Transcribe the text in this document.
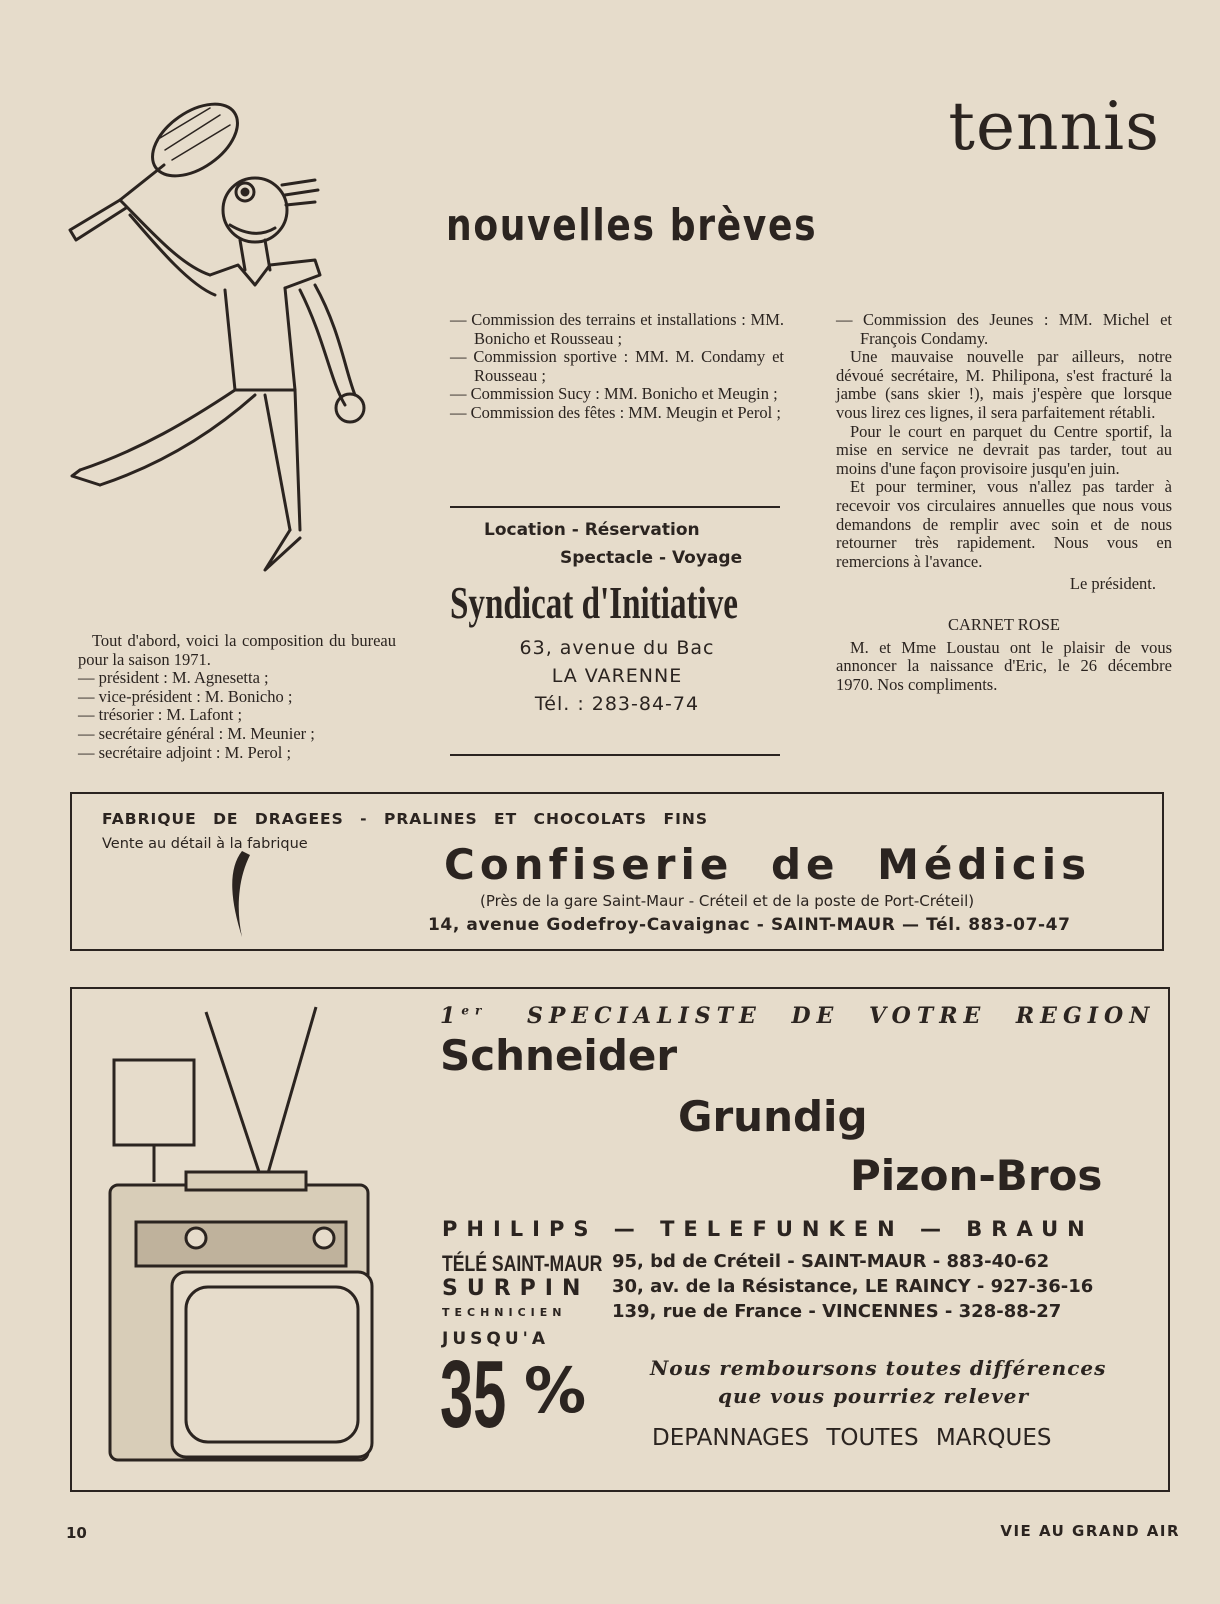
tennis
nouvelles brèves

Tout d'abord, voici la composition du bureau pour la saison 1971.

— président : M. Agnesetta ;

— vice-président : M. Bonicho ;

— trésorier : M. Lafont ;

— secrétaire général : M. Meunier ;

— secrétaire adjoint : M. Perol ;

— Commission des terrains et installations : MM. Bonicho et Rousseau ;

— Commission sportive : MM. M. Condamy et Rousseau ;

— Commission Sucy : MM. Bonicho et Meugin ;

— Commission des fêtes : MM. Meugin et Perol ;

Location - Réservation
Spectacle - Voyage
Syndicat d'Initiative
63, avenue du Bac
LA VARENNE
Tél. : 283-84-74

— Commission des Jeunes : MM. Michel et François Condamy.

Une mauvaise nouvelle par ailleurs, notre dévoué secrétaire, M. Philipona, s'est fracturé la jambe (sans skier !), mais j'espère que lorsque vous lirez ces lignes, il sera parfaitement rétabli.

Pour le court en parquet du Centre sportif, la mise en service ne devrait pas tarder, tout au moins d'une façon provisoire jusqu'en juin.

Et pour terminer, vous n'allez pas tarder à recevoir vos circulaires annuelles que nous vous demandons de remplir avec soin et de nous retourner très rapidement. Nous vous en remercions à l'avance.

Le président.

CARNET ROSE

M. et Mme Loustau ont le plaisir de vous annoncer la naissance d'Eric, le 26 décembre 1970. Nos compliments.

FABRIQUE DE DRAGEES - PRALINES ET CHOCOLATS FINS
Vente au détail à la fabrique	Confiserie de Médicis
(Près de la gare Saint-Maur - Créteil et de la poste de Port-Créteil)
14, avenue Godefroy-Cavaignac - SAINT-MAUR — Tél. 883-07-47
1er SPECIALISTE DE VOTRE REGION
Schneider
Grundig
Pizon-Bros
PHILIPS — TELEFUNKEN — BRAUN
TÉLÉ SAINT-MAUR 95, bd de Créteil - SAINT-MAUR - 883-40-62
SURPIN 30, av. de la Résistance, LE RAINCY - 927-36-16
TECHNICIEN	139, rue de France - VINCENNES - 328-88-27
JUSQU'A
35 %	Nous remboursons toutes différences
que vous pourriez relever
DEPANNAGES TOUTES MARQUES
10	VIE AU GRAND AIR
